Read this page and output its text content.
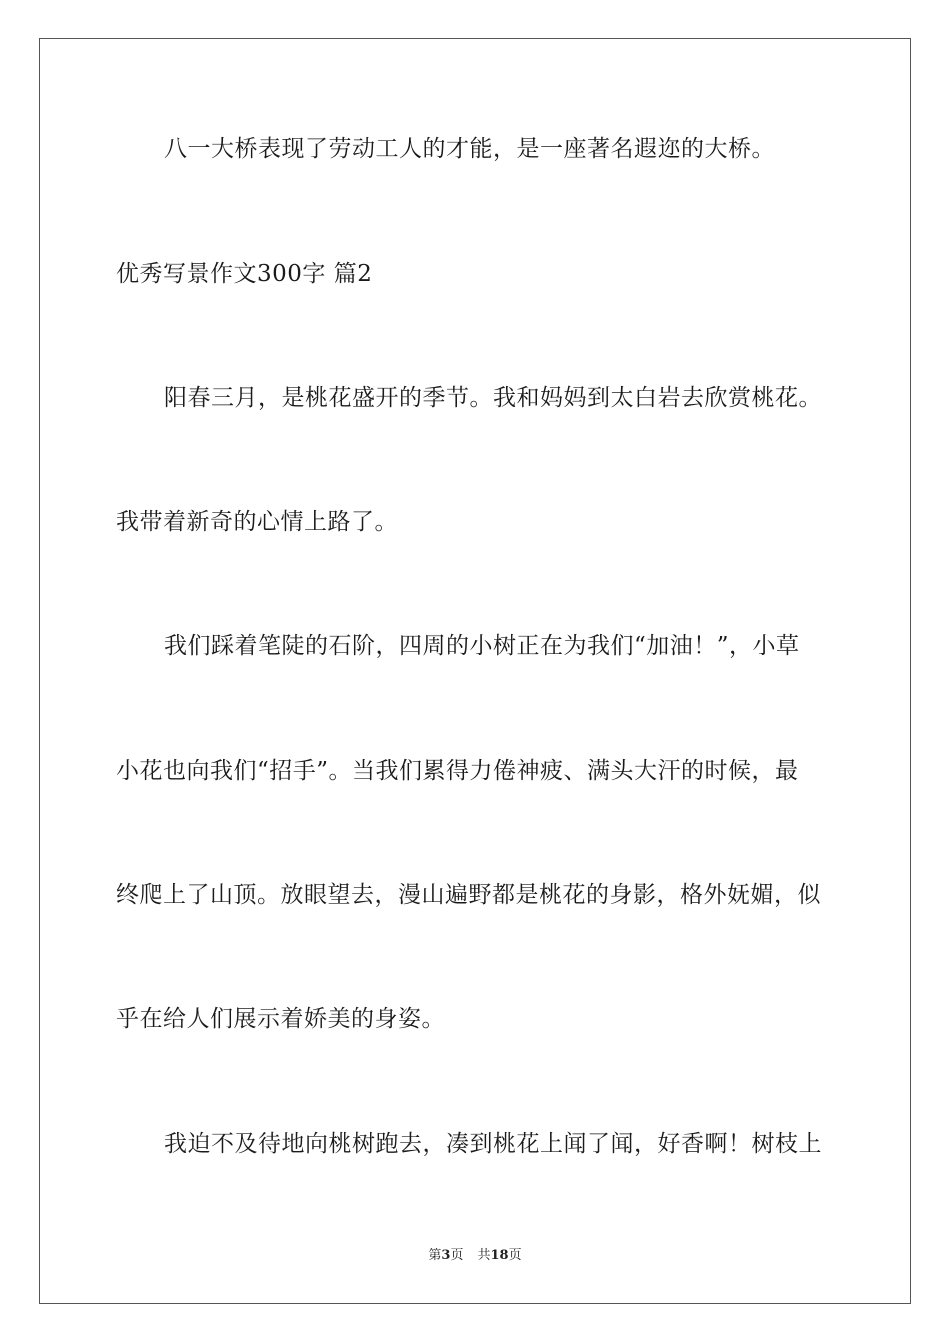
八一大桥表现了劳动工人的才能，是一座著名遐迩的大桥。
优秀写景作文300字 篇2
阳春三月，是桃花盛开的季节。我和妈妈到太白岩去欣赏桃花。
我带着新奇的心情上路了。
我们踩着笔陡的石阶，四周的小树正在为我们“加油！”，小草
小花也向我们“招手”。当我们累得力倦神疲、满头大汗的时候，最
终爬上了山顶。放眼望去，漫山遍野都是桃花的身影，格外妩媚，似
乎在给人们展示着娇美的身姿。
我迫不及待地向桃树跑去，凑到桃花上闻了闻，好香啊！树枝上
第3页 共18页
